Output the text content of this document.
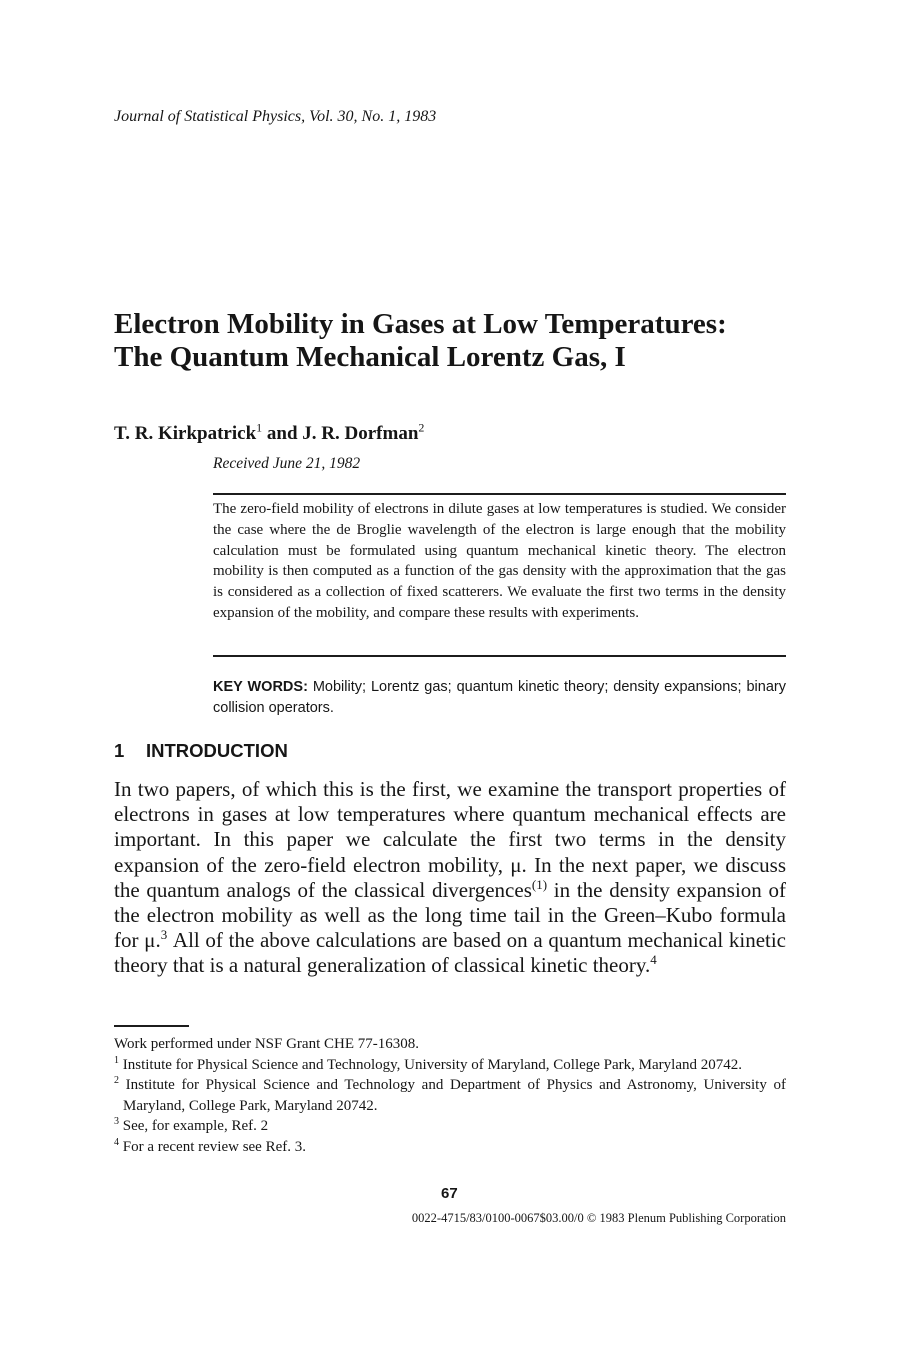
Journal of Statistical Physics, Vol. 30, No. 1, 1983
Electron Mobility in Gases at Low Temperatures:
The Quantum Mechanical Lorentz Gas, I
T. R. Kirkpatrick$^1$ and J. R. Dorfman$^2$
Received June 21, 1982
The zero-field mobility of electrons in dilute gases at low temperatures is studied. We consider the case where the de Broglie wavelength of the electron is large enough that the mobility calculation must be formulated using quantum mechanical kinetic theory. The electron mobility is then computed as a function of the gas density with the approximation that the gas is considered as a collection of fixed scatterers. We evaluate the first two terms in the density expansion of the mobility, and compare these results with experiments.
KEY WORDS: Mobility; Lorentz gas; quantum kinetic theory; density expansions; binary collision operators.
1 INTRODUCTION
In two papers, of which this is the first, we examine the transport properties of electrons in gases at low temperatures where quantum mechanical effects are important. In this paper we calculate the first two terms in the density expansion of the zero-field electron mobility, μ. In the next paper, we discuss the quantum analogs of the classical divergences$^{(1)}$ in the density expansion of the electron mobility as well as the long time tail in the Green–Kubo formula for μ.$^3$ All of the above calculations are based on a quantum mechanical kinetic theory that is a natural generalization of classical kinetic theory.$^4$
Work performed under NSF Grant CHE 77-16308.
$^1$ Institute for Physical Science and Technology, University of Maryland, College Park, Maryland 20742.
$^2$ Institute for Physical Science and Technology and Department of Physics and Astronomy, University of Maryland, College Park, Maryland 20742.
$^3$ See, for example, Ref. 2
$^4$ For a recent review see Ref. 3.
67
0022-4715/83/0100-0067$03.00/0 © 1983 Plenum Publishing Corporation
